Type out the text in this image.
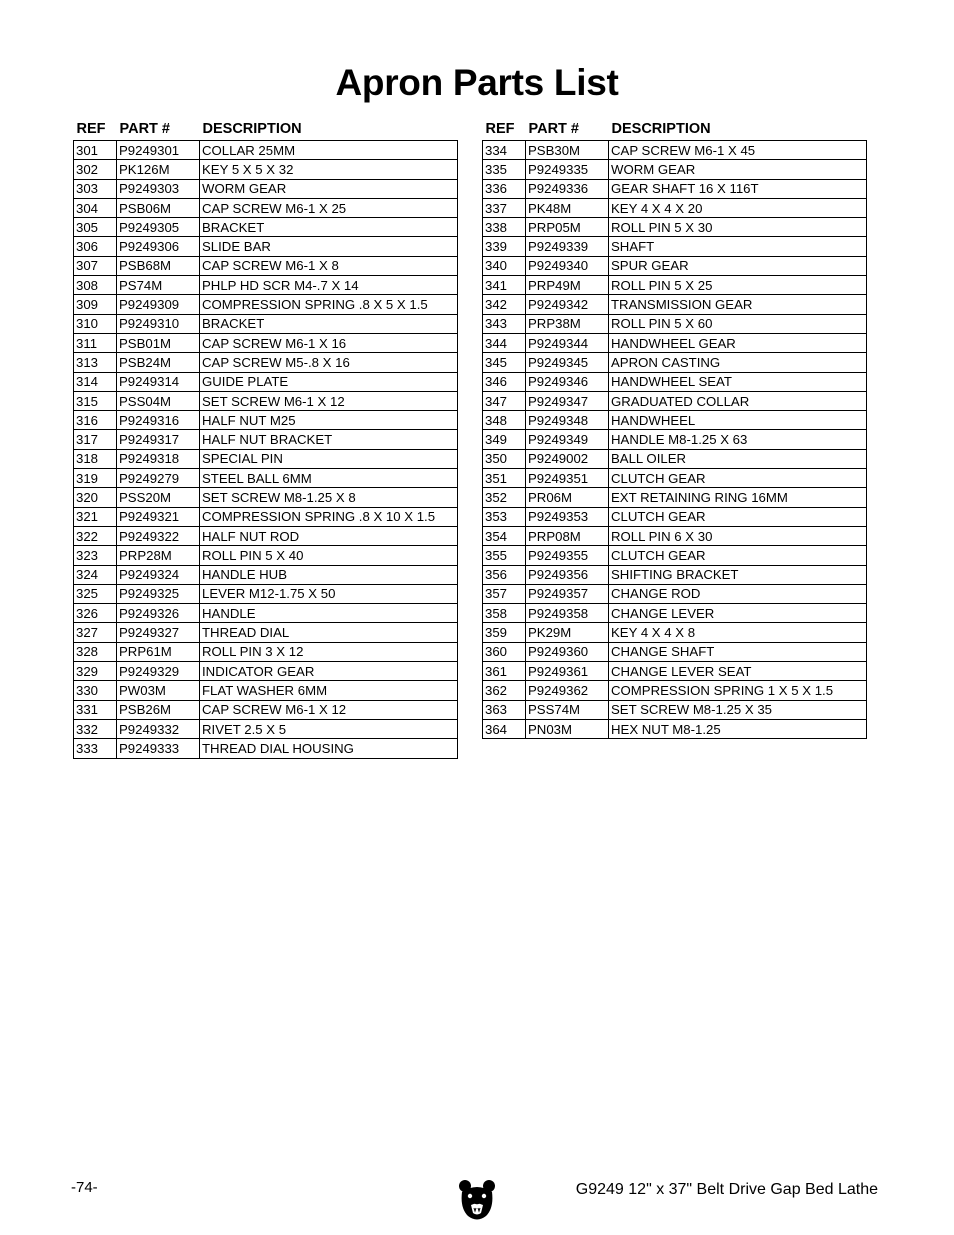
Apron Parts List
REF	PART #	DESCRIPTION
301	P9249301	COLLAR 25MM
302	PK126M	KEY 5 X 5 X 32
303	P9249303	WORM GEAR
304	PSB06M	CAP SCREW M6-1 X 25
305	P9249305	BRACKET
306	P9249306	SLIDE BAR
307	PSB68M	CAP SCREW M6-1 X 8
308	PS74M	PHLP HD SCR M4-.7 X 14
309	P9249309	COMPRESSION SPRING .8 X 5 X 1.5
310	P9249310	BRACKET
311	PSB01M	CAP SCREW M6-1 X 16
313	PSB24M	CAP SCREW M5-.8 X 16
314	P9249314	GUIDE PLATE
315	PSS04M	SET SCREW M6-1 X 12
316	P9249316	HALF NUT M25
317	P9249317	HALF NUT BRACKET
318	P9249318	SPECIAL PIN
319	P9249279	STEEL BALL 6MM
320	PSS20M	SET SCREW M8-1.25 X 8
321	P9249321	COMPRESSION SPRING .8 X 10 X 1.5
322	P9249322	HALF NUT ROD
323	PRP28M	ROLL PIN 5 X 40
324	P9249324	HANDLE HUB
325	P9249325	LEVER M12-1.75 X 50
326	P9249326	HANDLE
327	P9249327	THREAD DIAL
328	PRP61M	ROLL PIN 3 X 12
329	P9249329	INDICATOR GEAR
330	PW03M	FLAT WASHER 6MM
331	PSB26M	CAP SCREW M6-1 X 12
332	P9249332	RIVET 2.5 X 5
333	P9249333	THREAD DIAL HOUSING
REF	PART #	DESCRIPTION
334	PSB30M	CAP SCREW M6-1 X 45
335	P9249335	WORM GEAR
336	P9249336	GEAR SHAFT 16 X 116T
337	PK48M	KEY 4 X 4 X 20
338	PRP05M	ROLL PIN 5 X 30
339	P9249339	SHAFT
340	P9249340	SPUR GEAR
341	PRP49M	ROLL PIN 5 X 25
342	P9249342	TRANSMISSION GEAR
343	PRP38M	ROLL PIN 5 X 60
344	P9249344	HANDWHEEL GEAR
345	P9249345	APRON CASTING
346	P9249346	HANDWHEEL SEAT
347	P9249347	GRADUATED COLLAR
348	P9249348	HANDWHEEL
349	P9249349	HANDLE M8-1.25 X 63
350	P9249002	BALL OILER
351	P9249351	CLUTCH GEAR
352	PR06M	EXT RETAINING RING 16MM
353	P9249353	CLUTCH GEAR
354	PRP08M	ROLL PIN 6 X 30
355	P9249355	CLUTCH GEAR
356	P9249356	SHIFTING BRACKET
357	P9249357	CHANGE ROD
358	P9249358	CHANGE LEVER
359	PK29M	KEY 4 X 4 X 8
360	P9249360	CHANGE SHAFT
361	P9249361	CHANGE LEVER SEAT
362	P9249362	COMPRESSION SPRING 1 X 5 X 1.5
363	PSS74M	SET SCREW M8-1.25 X 35
364	PN03M	HEX NUT M8-1.25
-74-	G9249 12" x 37" Belt Drive Gap Bed Lathe
